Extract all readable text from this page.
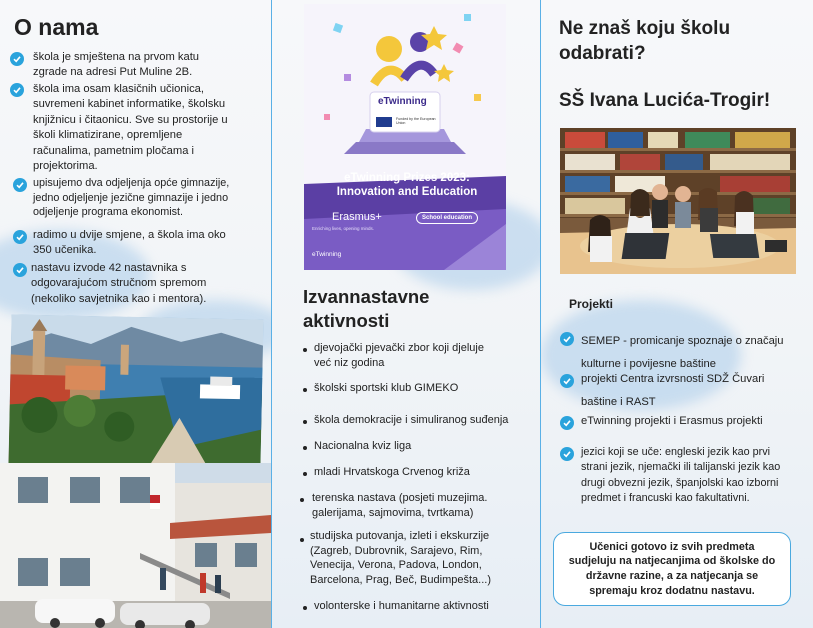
O nama
škola je smještena na prvom katu zgrade na adresi Put Muline 2B.
škola ima osam klasičnih učionica, suvremeni kabinet informatike, školsku knjižnicu i čitaonicu. Sve su prostorije u školi klimatizirane, opremljene računalima, pametnim pločama i projektorima.
upisujemo dva odjeljenja opće gimnazije, jedno odjeljenje jezične gimnazije i jedno odjeljenje programa ekonomist.
radimo u dvije smjene, a škola ima oko 350 učenika.
nastavu izvode 42 nastavnika s odgovarajućom stručnom spremom (nekoliko savjetnika kao i mentora).
eTwinning
Funded by the European Union
eTwinning Prizes 2023:
Innovation and Education
Erasmus+
Enriching lives, opening minds.
School education
eTwinning
Izvannastavne
aktivnosti
djevojački pjevački zbor koji djeluje već niz godina
školski sportski klub GIMEKO
škola demokracije i simuliranog suđenja
Nacionalna kviz liga
mladi Hrvatskoga Crvenog križa
terenska nastava (posjeti muzejima. galerijama, sajmovima, tvrtkama)
studijska putovanja, izleti i ekskurzije (Zagreb, Dubrovnik, Sarajevo, Rim, Venecija, Verona, Padova, London, Barcelona, Prag, Beč, Budimpešta...)
volonterske i humanitarne aktivnosti
Ne znaš koju školu
odabrati?
SŠ Ivana Lucića-Trogir!
Projekti
SEMEP - promicanje spoznaje o značaju kulturne i povijesne baštine
projekti Centra izvrsnosti SDŽ Čuvari baštine i RAST
eTwinning projekti i Erasmus projekti
jezici koji se uče: engleski jezik kao prvi strani jezik, njemački ili talijanski jezik kao drugi obvezni jezik, španjolski kao izborni predmet i francuski kao fakultativni.
Učenici gotovo iz svih predmeta sudjeluju na natjecanjima od školske do državne razine, a za natjecanja se spremaju kroz dodatnu nastavu.
